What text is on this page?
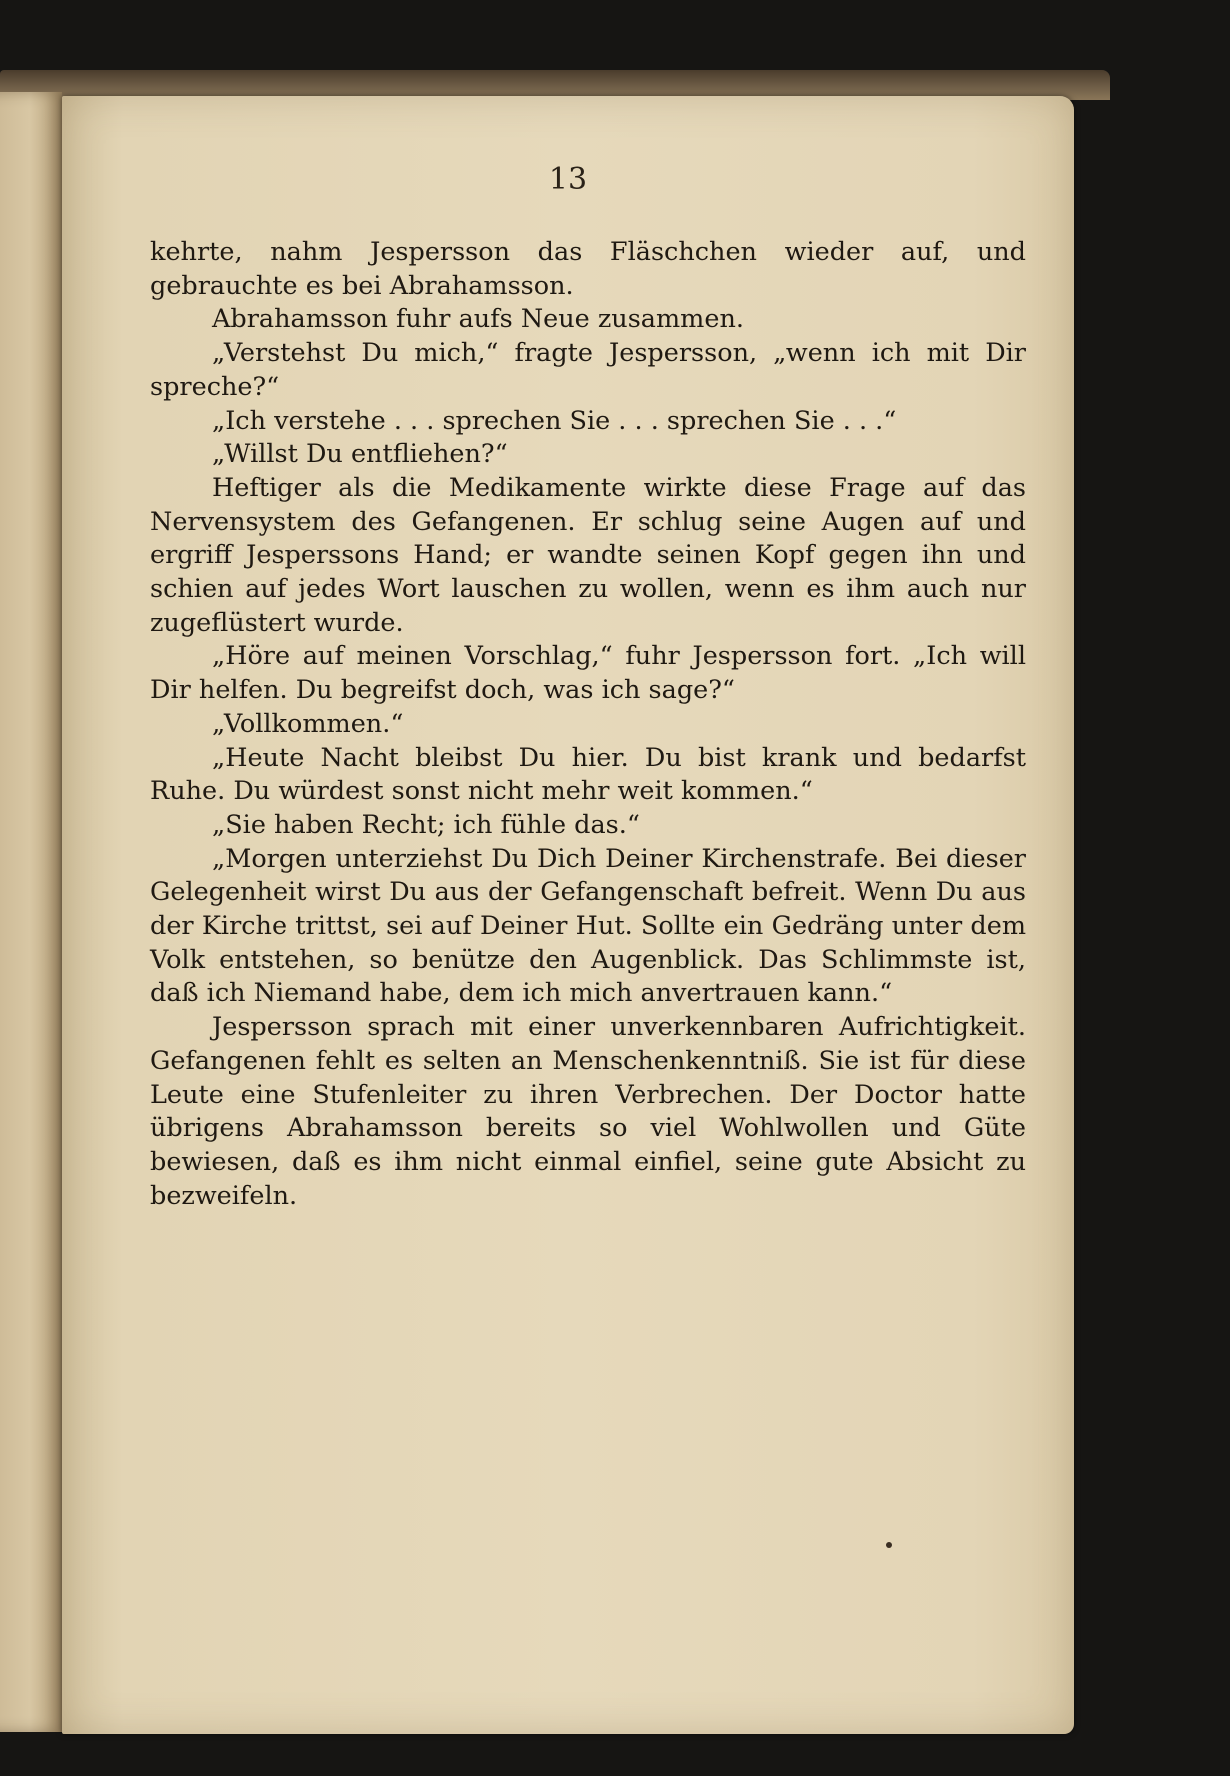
13

kehrte, nahm Jespersson das Fläschchen wieder auf, und gebrauchte es bei Abrahamsson.

Abrahamsson fuhr aufs Neue zusammen.

„Verstehst Du mich,“ fragte Jespersson, „wenn ich mit Dir spreche?“

„Ich verstehe . . . sprechen Sie . . . sprechen Sie . . .“

„Willst Du entfliehen?“

Heftiger als die Medikamente wirkte diese Frage auf das Nervensystem des Gefangenen. Er schlug seine Augen auf und ergriff Jesperssons Hand; er wandte seinen Kopf gegen ihn und schien auf jedes Wort lauschen zu wollen, wenn es ihm auch nur zugeflüstert wurde.

„Höre auf meinen Vorschlag,“ fuhr Jespersson fort. „Ich will Dir helfen. Du begreifst doch, was ich sage?“

„Vollkommen.“

„Heute Nacht bleibst Du hier. Du bist krank und bedarfst Ruhe. Du würdest sonst nicht mehr weit kommen.“

„Sie haben Recht; ich fühle das.“

„Morgen unterziehst Du Dich Deiner Kirchenstrafe. Bei dieser Gelegenheit wirst Du aus der Gefangenschaft befreit. Wenn Du aus der Kirche trittst, sei auf Deiner Hut. Sollte ein Gedräng unter dem Volk entstehen, so benütze den Augenblick. Das Schlimmste ist, daß ich Niemand habe, dem ich mich anvertrauen kann.“

Jespersson sprach mit einer unverkennbaren Aufrichtigkeit. Gefangenen fehlt es selten an Menschenkenntniß. Sie ist für diese Leute eine Stufenleiter zu ihren Verbrechen. Der Doctor hatte übrigens Abrahamsson bereits so viel Wohlwollen und Güte bewiesen, daß es ihm nicht einmal einfiel, seine gute Absicht zu bezweifeln.
